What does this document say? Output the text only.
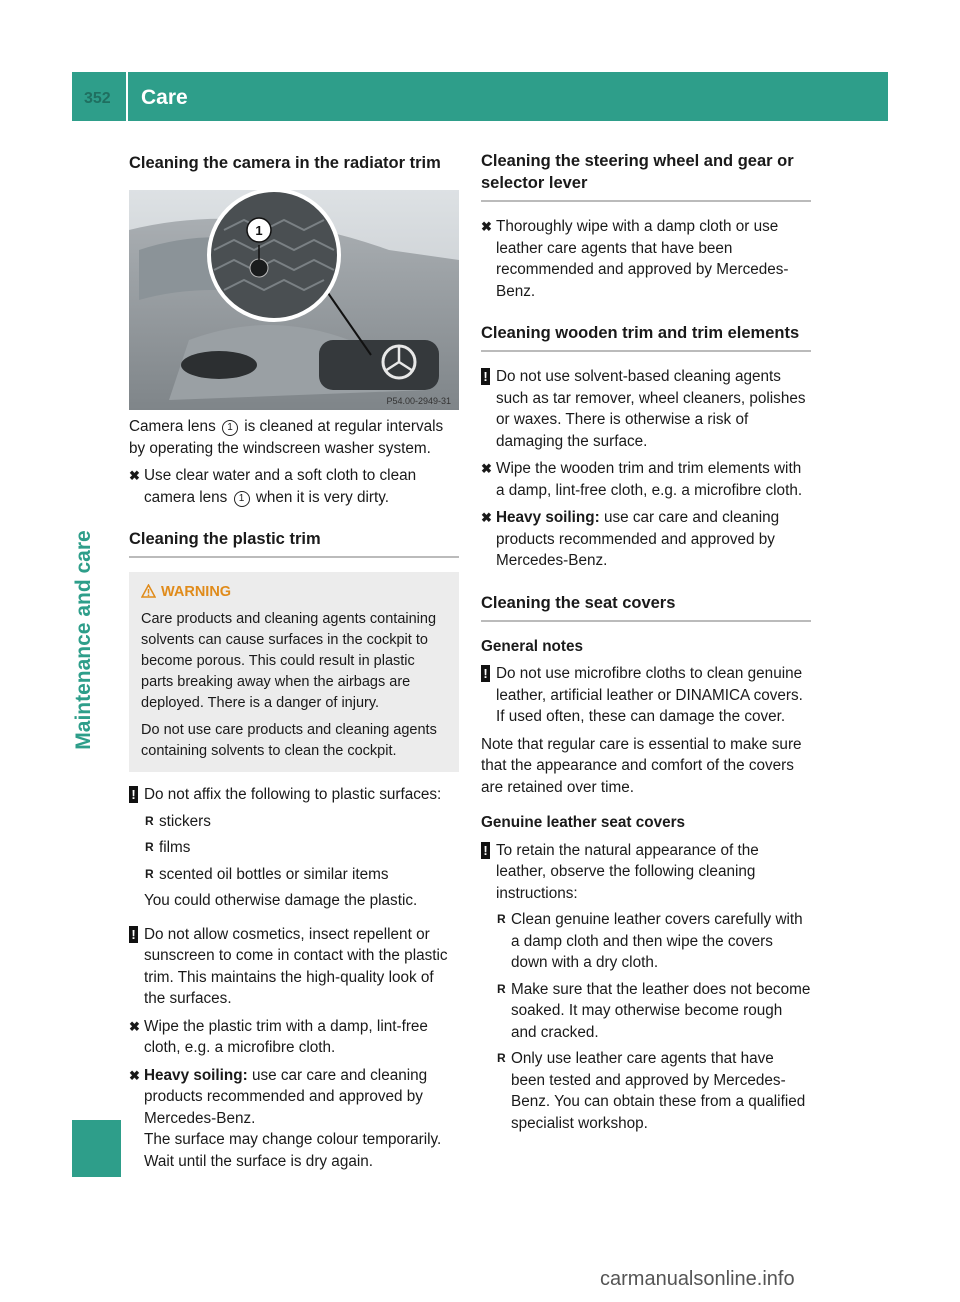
352 Care
Maintenance and care
Cleaning the camera in the radiator trim
1
P54.00-2949-31

Camera lens 1 is cleaned at regular intervals by operating the windscreen washer system.

✖ Use clear water and a soft cloth to clean camera lens 1 when it is very dirty.
Cleaning the plastic trim
WARNING

Care products and cleaning agents containing solvents can cause surfaces in the cockpit to become porous. This could result in plastic parts breaking away when the airbags are deployed. There is a danger of injury.

Do not use care products and cleaning agents containing solvents to clean the cockpit.

! Do not affix the following to plastic surfaces:
R stickers
R films
R scented oil bottles or similar items
You could otherwise damage the plastic.
! Do not allow cosmetics, insect repellent or sunscreen to come in contact with the plastic trim. This maintains the high-quality look of the surfaces.
✖ Wipe the plastic trim with a damp, lint-free cloth, e.g. a microfibre cloth.
✖ Heavy soiling: use car care and cleaning products recommended and approved by Mercedes-Benz.
The surface may change colour temporarily. Wait until the surface is dry again.
Cleaning the steering wheel and gear or selector lever
✖ Thoroughly wipe with a damp cloth or use leather care agents that have been recommended and approved by Mercedes-Benz.
Cleaning wooden trim and trim elements
! Do not use solvent-based cleaning agents such as tar remover, wheel cleaners, polishes or waxes. There is otherwise a risk of damaging the surface.
✖ Wipe the wooden trim and trim elements with a damp, lint-free cloth, e.g. a microfibre cloth.
✖ Heavy soiling: use car care and cleaning products recommended and approved by Mercedes-Benz.
Cleaning the seat covers
General notes
! Do not use microfibre cloths to clean genuine leather, artificial leather or DINAMICA covers. If used often, these can damage the cover.

Note that regular care is essential to make sure that the appearance and comfort of the covers are retained over time.

Genuine leather seat covers
! To retain the natural appearance of the leather, observe the following cleaning instructions:
R Clean genuine leather covers carefully with a damp cloth and then wipe the covers down with a dry cloth.
R Make sure that the leather does not become soaked. It may otherwise become rough and cracked.
R Only use leather care agents that have been tested and approved by Mercedes-Benz. You can obtain these from a qualified specialist workshop.
carmanualsonline.info
